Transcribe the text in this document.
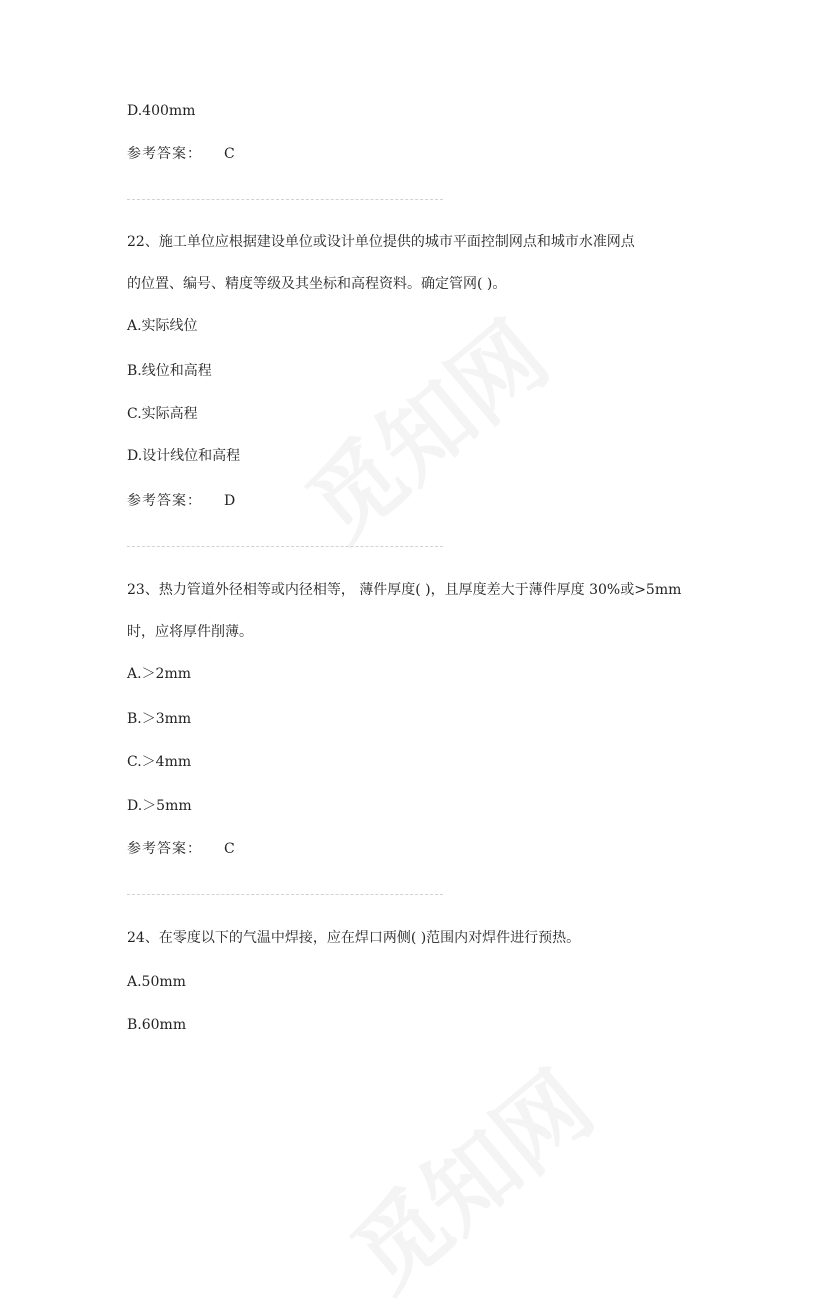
D.400mm
参考答案： C
22、施工单位应根据建设单位或设计单位提供的城市平面控制网点和城市水准网点
的位置、编号、精度等级及其坐标和高程资料。确定管网( )。
A.实际线位
B.线位和高程
C.实际高程
D.设计线位和高程
参考答案： D
23、热力管道外径相等或内径相等， 薄件厚度( )，且厚度差大于薄件厚度 30%或>5mm
时，应将厚件削薄。
A.＞2mm
B.＞3mm
C.＞4mm
D.＞5mm
参考答案： C
24、在零度以下的气温中焊接，应在焊口两侧( )范围内对焊件进行预热。
A.50mm
B.60mm
